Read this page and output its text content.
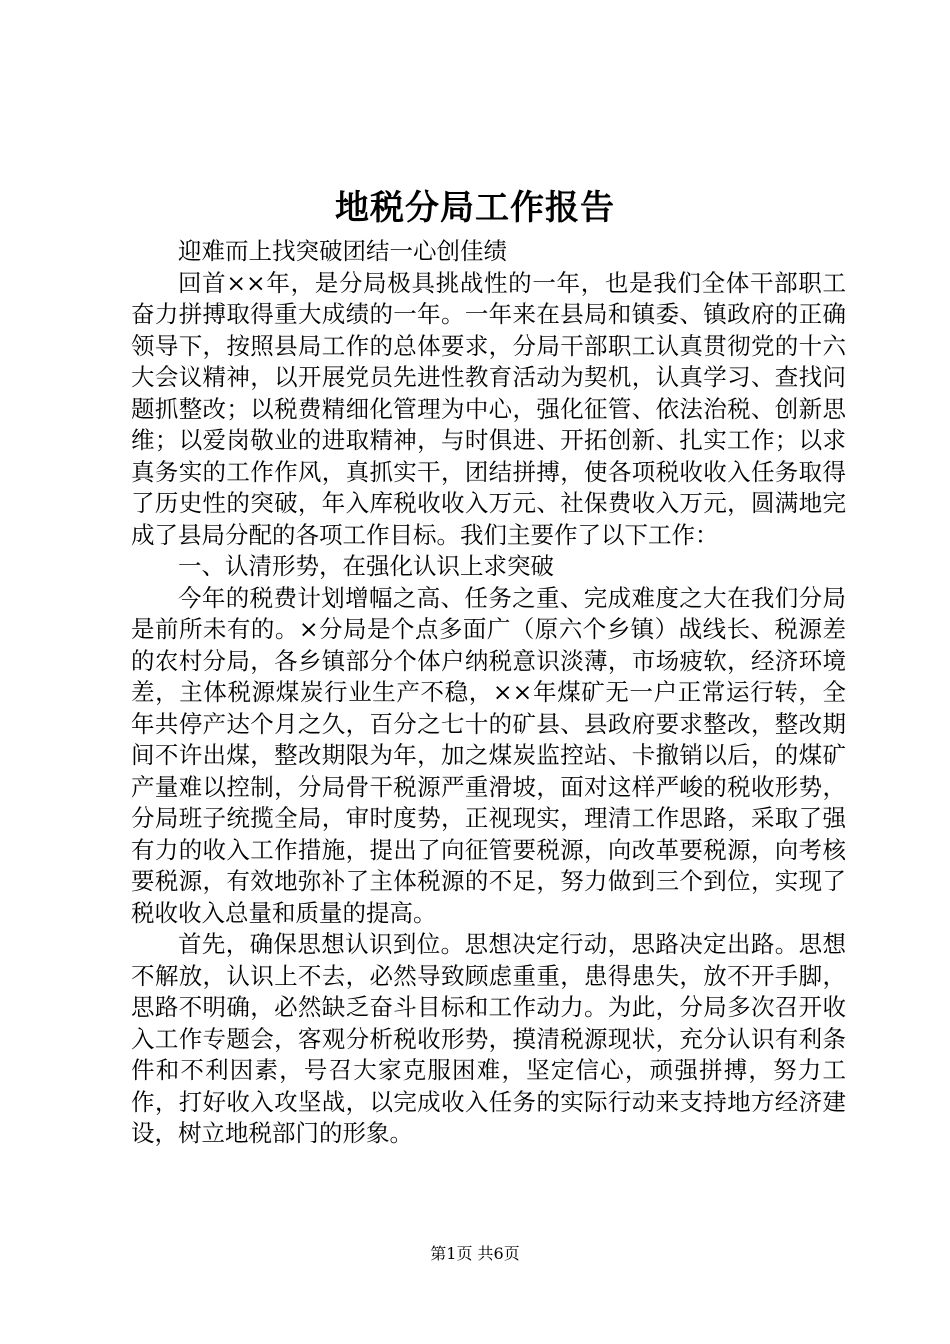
地税分局工作报告

迎难而上找突破团结一心创佳绩

回首××年，是分局极具挑战性的一年，也是我们全体干部职工奋力拼搏取得重大成绩的一年。一年来在县局和镇委、镇政府的正确领导下，按照县局工作的总体要求，分局干部职工认真贯彻党的十六大会议精神，以开展党员先进性教育活动为契机，认真学习、查找问题抓整改；以税费精细化管理为中心，强化征管、依法治税、创新思维；以爱岗敬业的进取精神，与时俱进、开拓创新、扎实工作；以求真务实的工作作风，真抓实干，团结拼搏，使各项税收收入任务取得了历史性的突破，年入库税收收入万元、社保费收入万元，圆满地完成了县局分配的各项工作目标。我们主要作了以下工作：

一、认清形势，在强化认识上求突破

今年的税费计划增幅之高、任务之重、完成难度之大在我们分局是前所未有的。×分局是个点多面广（原六个乡镇）战线长、税源差的农村分局，各乡镇部分个体户纳税意识淡薄，市场疲软，经济环境差，主体税源煤炭行业生产不稳，××年煤矿无一户正常运行转，全年共停产达个月之久，百分之七十的矿县、县政府要求整改，整改期间不许出煤，整改期限为年，加之煤炭监控站、卡撤销以后，的煤矿产量难以控制，分局骨干税源严重滑坡，面对这样严峻的税收形势，分局班子统揽全局，审时度势，正视现实，理清工作思路，采取了强有力的收入工作措施，提出了向征管要税源，向改革要税源，向考核要税源，有效地弥补了主体税源的不足，努力做到三个到位，实现了税收收入总量和质量的提高。

首先，确保思想认识到位。思想决定行动，思路决定出路。思想不解放，认识上不去，必然导致顾虑重重，患得患失，放不开手脚，思路不明确，必然缺乏奋斗目标和工作动力。为此，分局多次召开收入工作专题会，客观分析税收形势，摸清税源现状，充分认识有利条件和不利因素，号召大家克服困难，坚定信心，顽强拼搏，努力工作，打好收入攻坚战，以完成收入任务的实际行动来支持地方经济建设，树立地税部门的形象。

第1页 共6页
